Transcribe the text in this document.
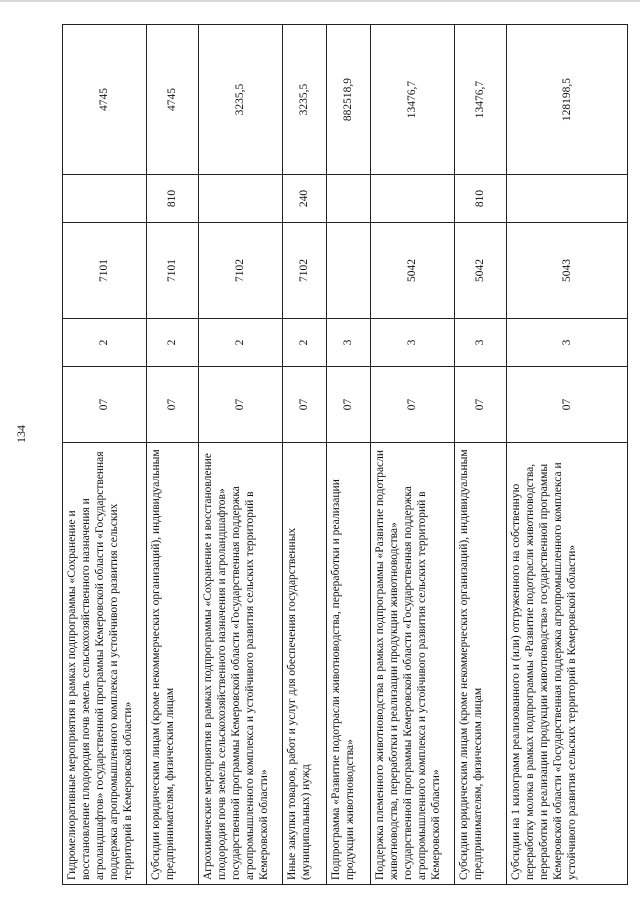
134
Гидромелиоративные мероприятия в рамках подпрограммы «Сохранение и восстановление плодородия почв земель сельскохозяйственного назначения и агроландшафтов» государственной программы Кемеровской области «Государственная поддержка агропромышленного комплекса и устойчивого развития сельских территорий в Кемеровской области»	07	2	7101		4745
Субсидии юридическим лицам (кроме некоммерческих организаций), индивидуальным предпринимателям, физическим лицам	07	2	7101	810	4745
Агрохимические мероприятия в рамках подпрограммы «Сохранение и восстановление плодородия почв земель сельскохозяйственного назначения и агроландшафтов» государственной программы Кемеровской области «Государственная поддержка агропромышленного комплекса и устойчивого развития сельских территорий в Кемеровской области»	07	2	7102		3235,5
Иные закупки товаров, работ и услуг для обеспечения государственных (муниципальных) нужд	07	2	7102	240	3235,5
Подпрограмма «Развитие подотрасли животноводства, переработки и реализации продукции животноводства»	07	3			882518,9
Поддержка племенного животноводства в рамках подпрограммы «Развитие подотрасли животноводства, переработки и реализации продукции животноводства» государственной программы Кемеровской области «Государственная поддержка агропромышленного комплекса и устойчивого развития сельских территорий в Кемеровской области»	07	3	5042		13476,7
Субсидии юридическим лицам (кроме некоммерческих организаций), индивидуальным предпринимателям, физическим лицам	07	3	5042	810	13476,7
Субсидии на 1 килограмм реализованного и (или) отгруженного на собственную переработку молока в рамках подпрограммы «Развитие подотрасли животноводства, переработки и реализации продукции животноводства» государственной программы Кемеровской области «Государственная поддержка агропромышленного комплекса и устойчивого развития сельских территорий в Кемеровской области»	07	3	5043		128198,5
